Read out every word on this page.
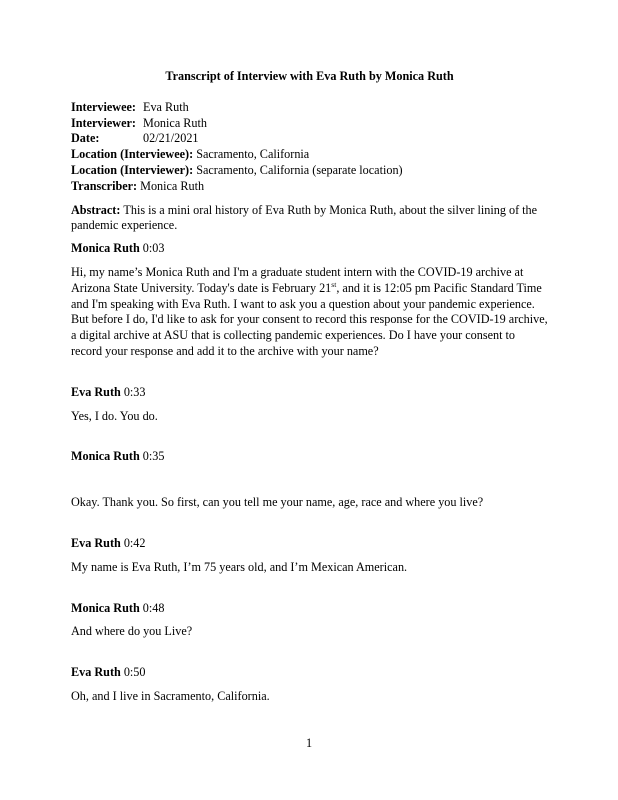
Transcript of Interview with Eva Ruth by Monica Ruth
Interviewee: Eva Ruth
Interviewer: Monica Ruth
Date:	02/21/2021
Location (Interviewee): Sacramento, California
Location (Interviewer): Sacramento, California (separate location)
Transcriber: Monica Ruth

Abstract: This is a mini oral history of Eva Ruth by Monica Ruth, about the silver lining of the pandemic experience.

Monica Ruth 0:03

Hi, my name’s Monica Ruth and I'm a graduate student intern with the COVID-19 archive at Arizona State University. Today's date is February 21st, and it is 12:05 pm Pacific Standard Time and I'm speaking with Eva Ruth. I want to ask you a question about your pandemic experience. But before I do, I'd like to ask for your consent to record this response for the COVID-19 archive, a digital archive at ASU that is collecting pandemic experiences. Do I have your consent to record your response and add it to the archive with your name?

Eva Ruth 0:33

Yes, I do. You do.

Monica Ruth 0:35

Okay. Thank you. So first, can you tell me your name, age, race and where you live?

Eva Ruth 0:42

My name is Eva Ruth, I’m 75 years old, and I’m Mexican American.

Monica Ruth 0:48

And where do you Live?

Eva Ruth 0:50

Oh, and I live in Sacramento, California.

1
